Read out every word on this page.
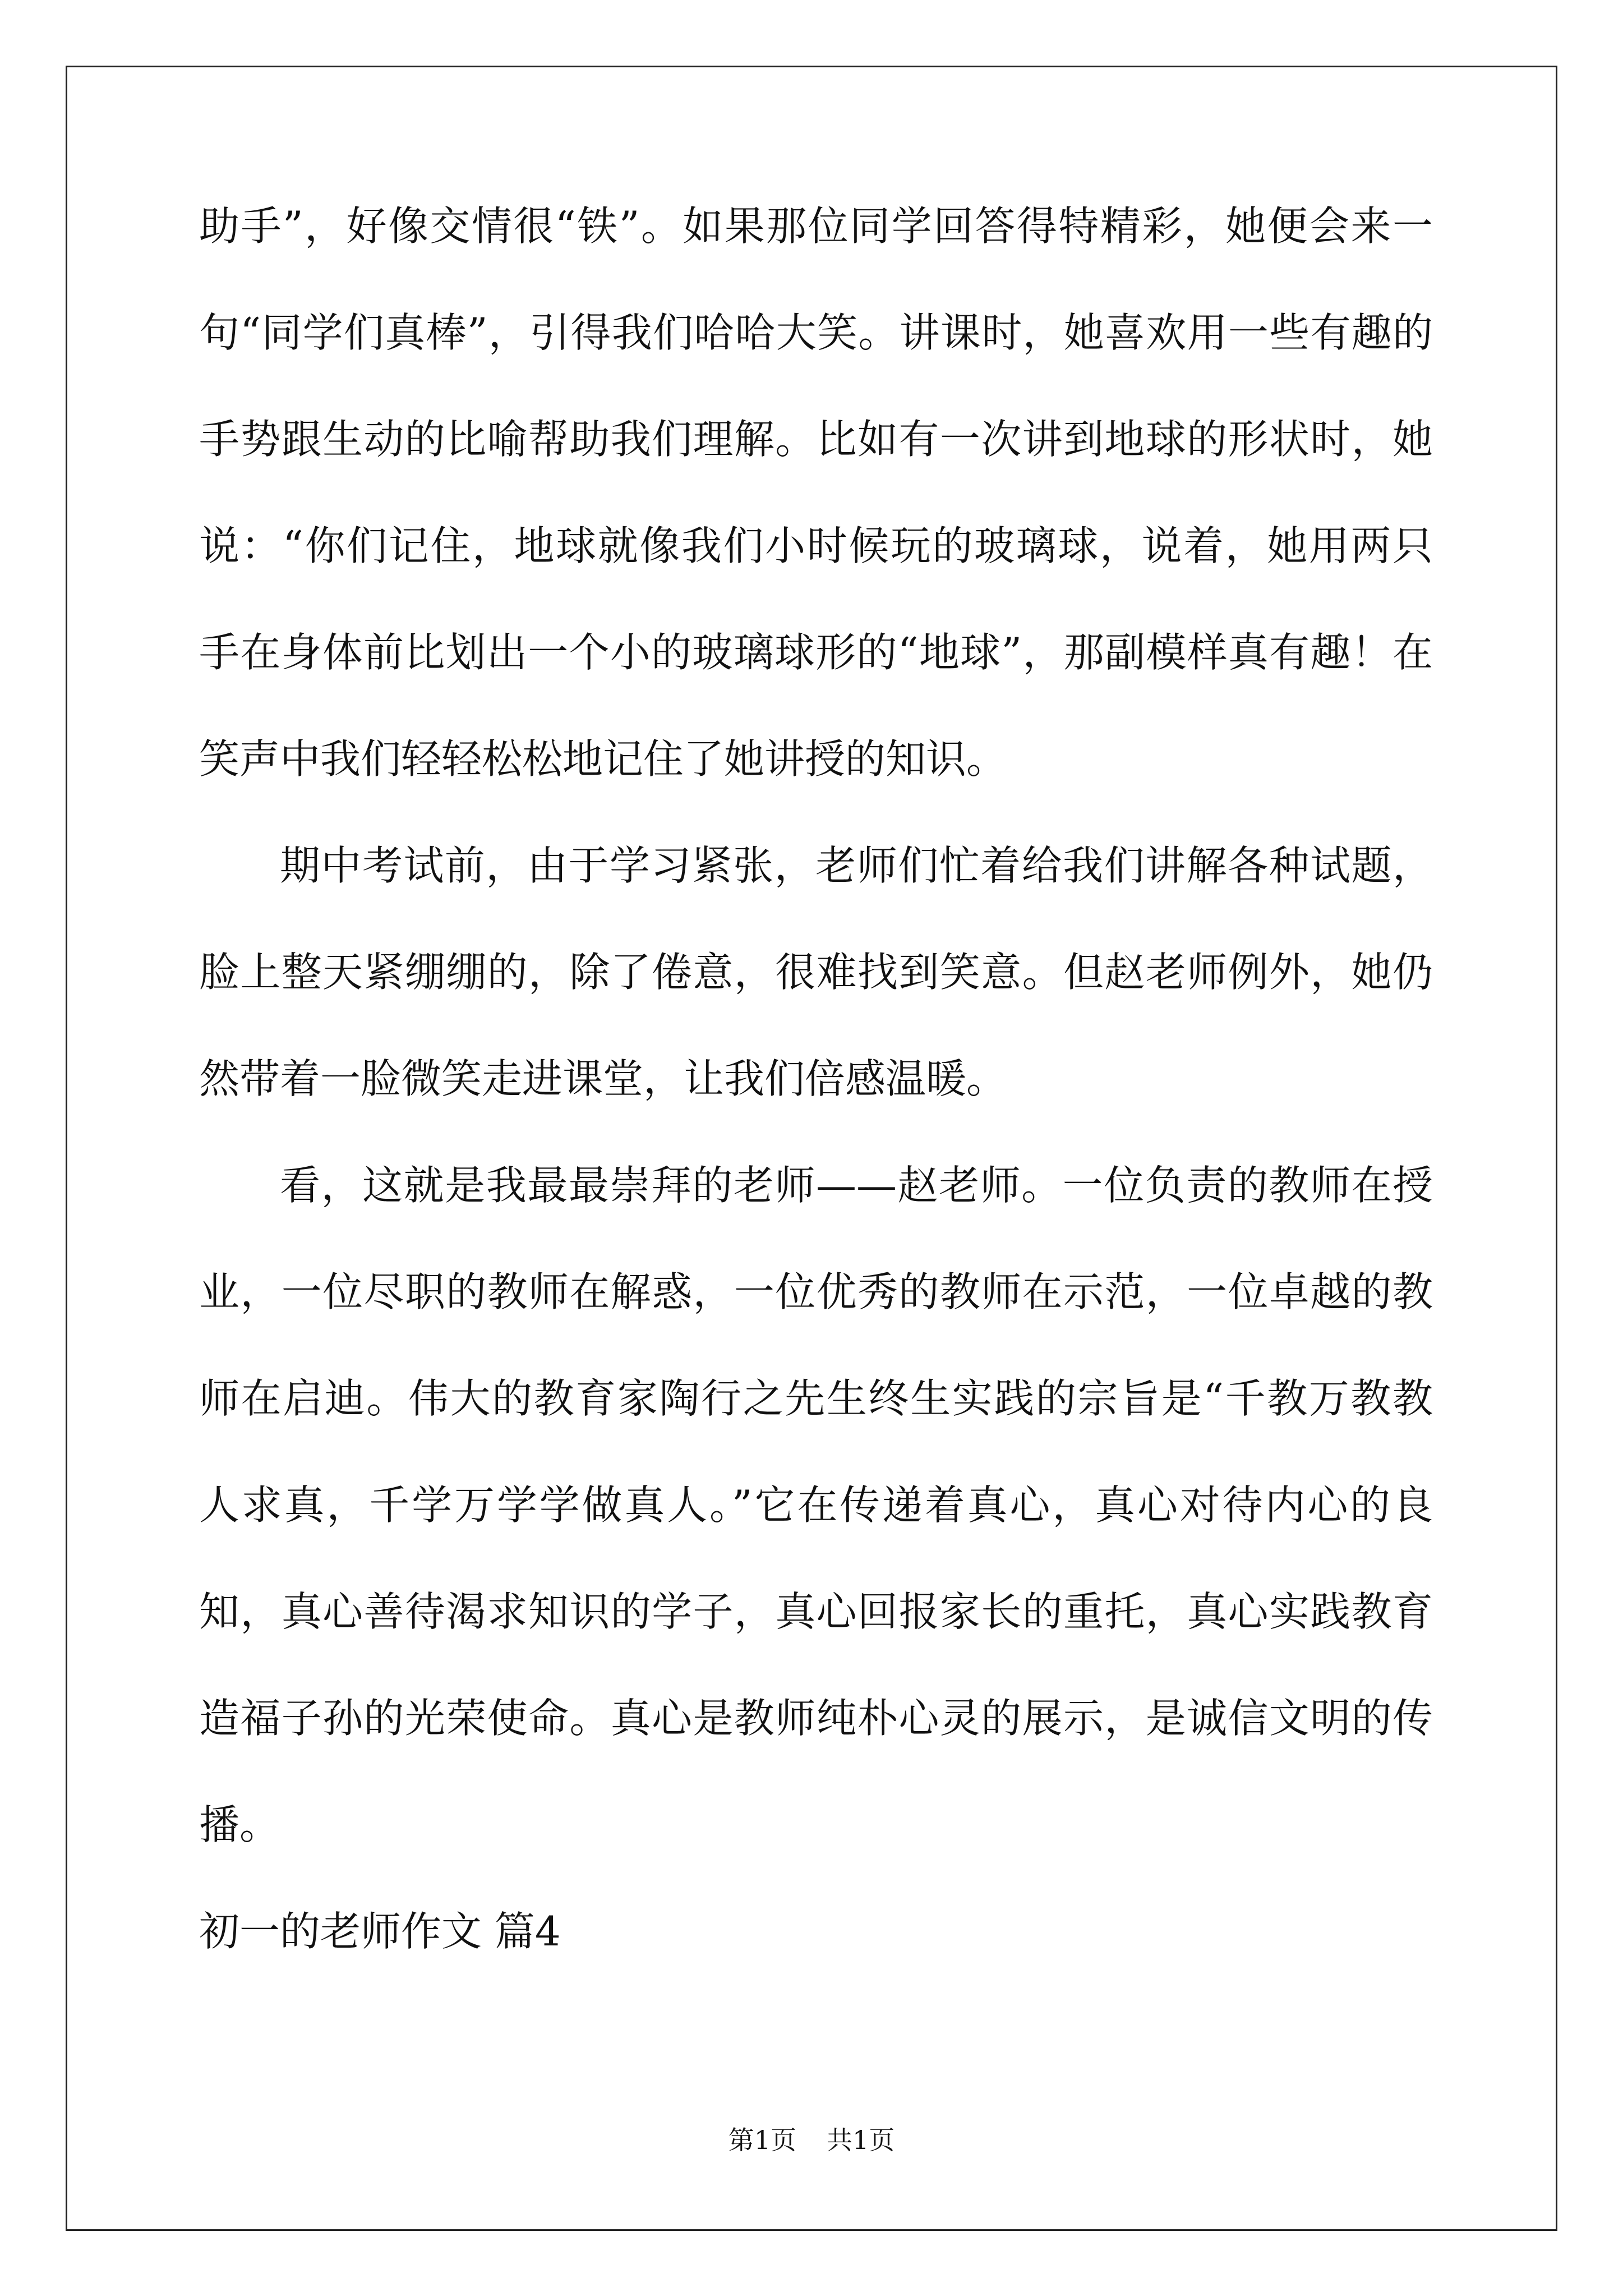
助手”，好像交情很“铁”。如果那位同学回答得特精彩，她便会来一
句“同学们真棒”，引得我们哈哈大笑。讲课时，她喜欢用一些有趣的
手势跟生动的比喻帮助我们理解。比如有一次讲到地球的形状时，她
说：“你们记住，地球就像我们小时候玩的玻璃球，说着，她用两只
手在身体前比划出一个小的玻璃球形的“地球”，那副模样真有趣！在
笑声中我们轻轻松松地记住了她讲授的知识。
期中考试前，由于学习紧张，老师们忙着给我们讲解各种试题，
脸上整天紧绷绷的，除了倦意，很难找到笑意。但赵老师例外，她仍
然带着一脸微笑走进课堂，让我们倍感温暖。
看，这就是我最最崇拜的老师——赵老师。一位负责的教师在授
业，一位尽职的教师在解惑，一位优秀的教师在示范，一位卓越的教
师在启迪。伟大的教育家陶行之先生终生实践的宗旨是“千教万教教
人求真，千学万学学做真人。”它在传递着真心，真心对待内心的良
知，真心善待渴求知识的学子，真心回报家长的重托，真心实践教育
造福子孙的光荣使命。真心是教师纯朴心灵的展示，是诚信文明的传
播。
初一的老师作文 篇4
第1页 共1页
